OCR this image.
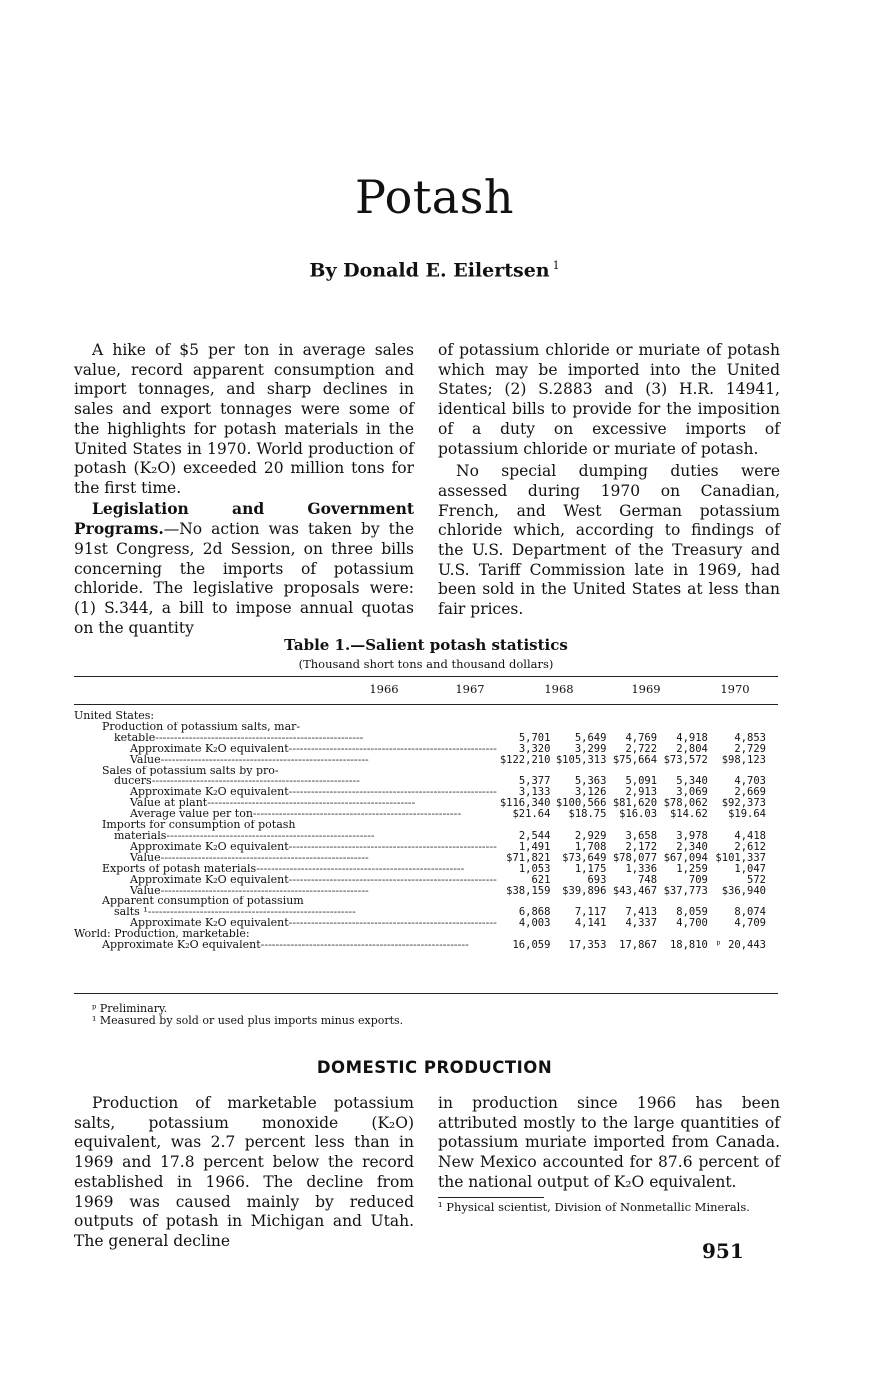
Potash
By Donald E. Eilertsen $^1$

A hike of $5 per ton in average sales value, record apparent consumption and import tonnages, and sharp declines in sales and export tonnages were some of the highlights for potash materials in the United States in 1970. World production of potash (K₂O) exceeded 20 million tons for the first time.

Legislation and Government Programs.—No action was taken by the 91st Congress, 2d Session, on three bills concerning the imports of potassium chloride. The legislative proposals were: (1) S.344, a bill to impose annual quotas on the quantity

of potassium chloride or muriate of potash which may be imported into the United States; (2) S.2883 and (3) H.R. 14941, identical bills to provide for the imposition of a duty on excessive imports of potassium chloride or muriate of potash.

No special dumping duties were assessed during 1970 on Canadian, French, and West German potassium chloride which, according to findings of the U.S. Department of the Treasury and U.S. Tariff Commission late in 1969, had been sold in the United States at less than fair prices.

Table 1.—Salient potash statistics
(Thousand short tons and thousand dollars)
1966	1967	1968	1969	1970
United States:					
Production of potassium salts, mar-					
ketable -----	5,701	5,649	4,769	4,918	4,853
Approximate K₂O equivalent -----	3,320	3,299	2,722	2,804	2,729
Value -----	$122,210	$105,313	$75,664	$73,572	$98,123
Sales of potassium salts by pro-					
ducers -----	5,377	5,363	5,091	5,340	4,703
Approximate K₂O equivalent -----	3,133	3,126	2,913	3,069	2,669
Value at plant -----	$116,340	$100,566	$81,620	$78,062	$92,373
Average value per ton -----	$21.64	$18.75	$16.03	$14.62	$19.64
Imports for consumption of potash					
materials -----	2,544	2,929	3,658	3,978	4,418
Approximate K₂O equivalent -----	1,491	1,708	2,172	2,340	2,612
Value -----	$71,821	$73,649	$78,077	$67,094	$101,337
Exports of potash materials -----	1,053	1,175	1,336	1,259	1,047
Approximate K₂O equivalent -----	621	693	748	709	572
Value -----	$38,159	$39,896	$43,467	$37,773	$36,940
Apparent consumption of potassium					
salts ¹ -----	6,868	7,117	7,413	8,059	8,074
Approximate K₂O equivalent -----	4,003	4,141	4,337	4,700	4,709
World: Production, marketable:					
Approximate K₂O equivalent -----	16,059	17,353	17,867	18,810	ᵖ 20,443
ᵖ Preliminary.
¹ Measured by sold or used plus imports minus exports.
DOMESTIC PRODUCTION

Production of marketable potassium salts, potassium monoxide (K₂O) equivalent, was 2.7 percent less than in 1969 and 17.8 percent below the record established in 1966. The decline from 1969 was caused mainly by reduced outputs of potash in Michigan and Utah. The general decline

in production since 1966 has been attributed mostly to the large quantities of potassium muriate imported from Canada. New Mexico accounted for 87.6 percent of the national output of K₂O equivalent.

¹ Physical scientist, Division of Nonmetallic Minerals.
951
